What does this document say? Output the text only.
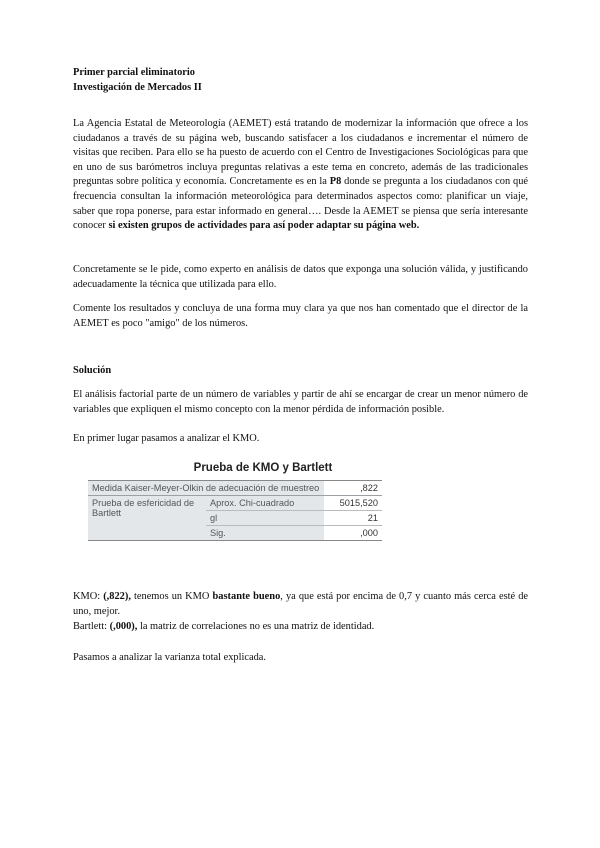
Primer parcial eliminatorio
Investigación de Mercados II

La Agencia Estatal de Meteorología (AEMET) está tratando de modernizar la información que ofrece a los ciudadanos a través de su página web, buscando satisfacer a los ciudadanos e incrementar el número de visitas que reciben. Para ello se ha puesto de acuerdo con el Centro de Investigaciones Sociológicas para que en uno de sus barómetros incluya preguntas relativas a este tema en concreto, además de las tradicionales preguntas sobre política y economía. Concretamente es en la P8 donde se pregunta a los ciudadanos con qué frecuencia consultan la información meteorológica para determinados aspectos como: planificar un viaje, saber que ropa ponerse, para estar informado en general…. Desde la AEMET se piensa que sería interesante conocer si existen grupos de actividades para así poder adaptar su página web.

Concretamente se le pide, como experto en análisis de datos que exponga una solución válida, y justificando adecuadamente la técnica que utilizada para ello.

Comente los resultados y concluya de una forma muy clara ya que nos han comentado que el director de la AEMET es poco "amigo" de los números.

Solución

El análisis factorial parte de un número de variables y partir de ahí se encargar de crear un menor número de variables que expliquen el mismo concepto con la menor pérdida de información posible.

En primer lugar pasamos a analizar el KMO.

Prueba de KMO y Bartlett
Medida Kaiser-Meyer-Olkin de adecuación de muestreo		,822
Prueba de esfericidad de Bartlett	Aprox. Chi-cuadrado	5015,520
	gl	21
	Sig.	,000

KMO: (,822), tenemos un KMO bastante bueno, ya que está por encima de 0,7 y cuanto más cerca esté de uno, mejor.

Bartlett: (,000), la matriz de correlaciones no es una matriz de identidad.

Pasamos a analizar la varianza total explicada.
